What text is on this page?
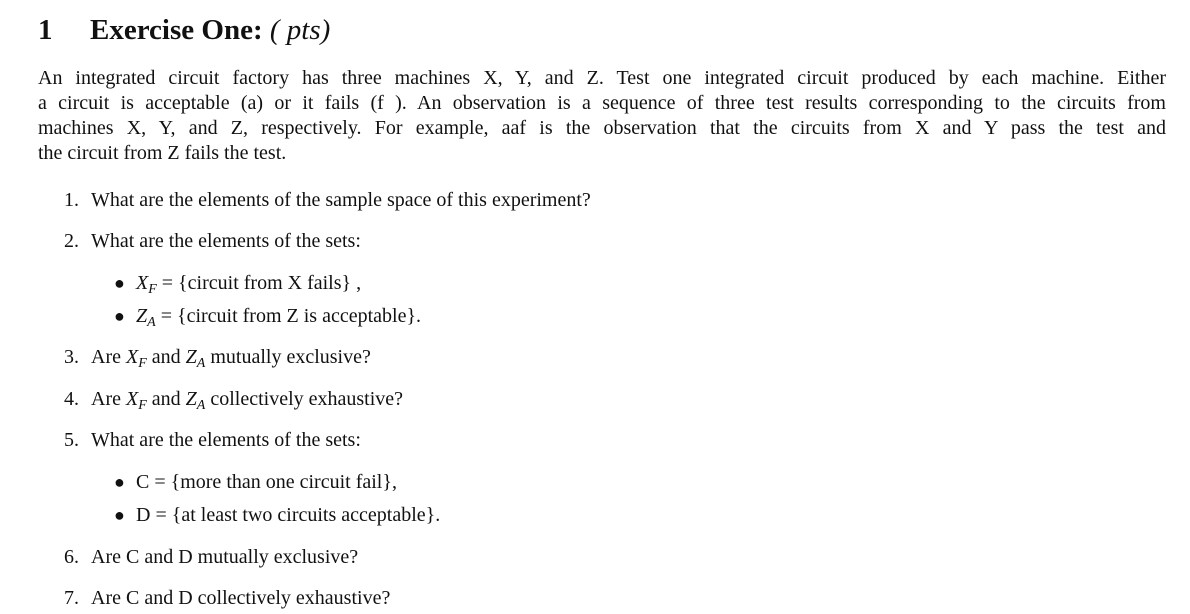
1 Exercise One: ( pts)
An integrated circuit factory has three machines X, Y, and Z. Test one integrated circuit produced by each machine. Either
a circuit is acceptable (a) or it fails (f ). An observation is a sequence of three test results corresponding to the circuits from
machines X, Y, and Z, respectively. For example, aaf is the observation that the circuits from X and Y pass the test and
the circuit from Z fails the test.
1. What are the elements of the sample space of this experiment?
2. What are the elements of the sets:
● $X_F$ = {circuit from X fails} ,
● $Z_A$ = {circuit from Z is acceptable}.
3. Are $X_F$ and $Z_A$ mutually exclusive?
4. Are $X_F$ and $Z_A$ collectively exhaustive?
5. What are the elements of the sets:
● C = {more than one circuit fail},
● D = {at least two circuits acceptable}.
6. Are C and D mutually exclusive?
7. Are C and D collectively exhaustive?
